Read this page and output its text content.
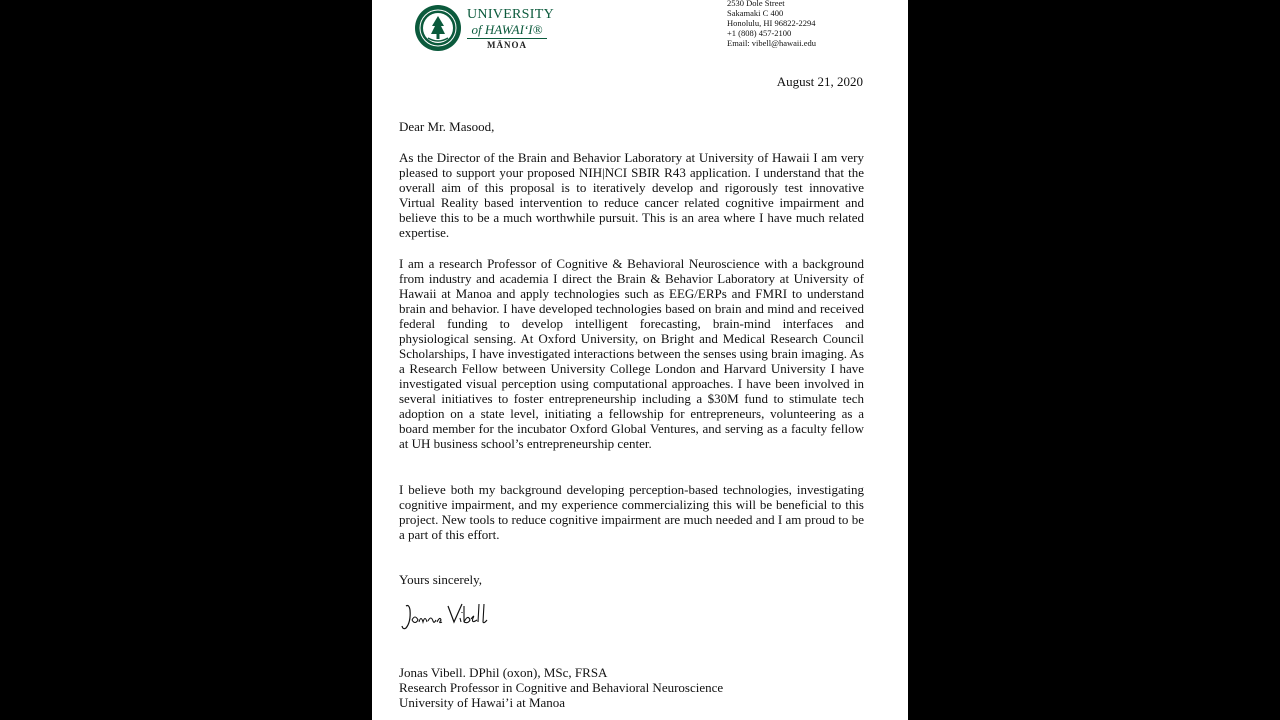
UNIVERSITY
of HAWAI‘I®
MĀNOA
2530 Dole Street
Sakamaki C 400
Honolulu, HI 96822-2294
+1 (808) 457-2100
Email: vibell@hawaii.edu
August 21, 2020
Dear Mr. Masood,

As the Director of the Brain and Behavior Laboratory at University of Hawaii I am very pleased to support your proposed NIH|NCI SBIR R43 application. I understand that the overall aim of this proposal is to iteratively develop and rigorously test innovative Virtual Reality based intervention to reduce cancer related cognitive impairment and believe this to be a much worthwhile pursuit. This is an area where I have much related expertise.

I am a research Professor of Cognitive & Behavioral Neuroscience with a background from industry and academia I direct the Brain & Behavior Laboratory at University of Hawaii at Manoa and apply technologies such as EEG/ERPs and FMRI to understand brain and behavior. I have developed technologies based on brain and mind and received federal funding to develop intelligent forecasting, brain-mind interfaces and physiological sensing. At Oxford University, on Bright and Medical Research Council Scholarships, I have investigated interactions between the senses using brain imaging. As a Research Fellow between University College London and Harvard University I have investigated visual perception using computational approaches. I have been involved in several initiatives to foster entrepreneurship including a $30M fund to stimulate tech adoption on a state level, initiating a fellowship for entrepreneurs, volunteering as a board member for the incubator Oxford Global Ventures, and serving as a faculty fellow at UH business school’s entrepreneurship center.

I believe both my background developing perception-based technologies, investigating cognitive impairment, and my experience commercializing this will be beneficial to this project. New tools to reduce cognitive impairment are much needed and I am proud to be a part of this effort.

Yours sincerely,
Jonas Vibell. DPhil (oxon), MSc, FRSA
Research Professor in Cognitive and Behavioral Neuroscience
University of Hawai’i at Manoa
